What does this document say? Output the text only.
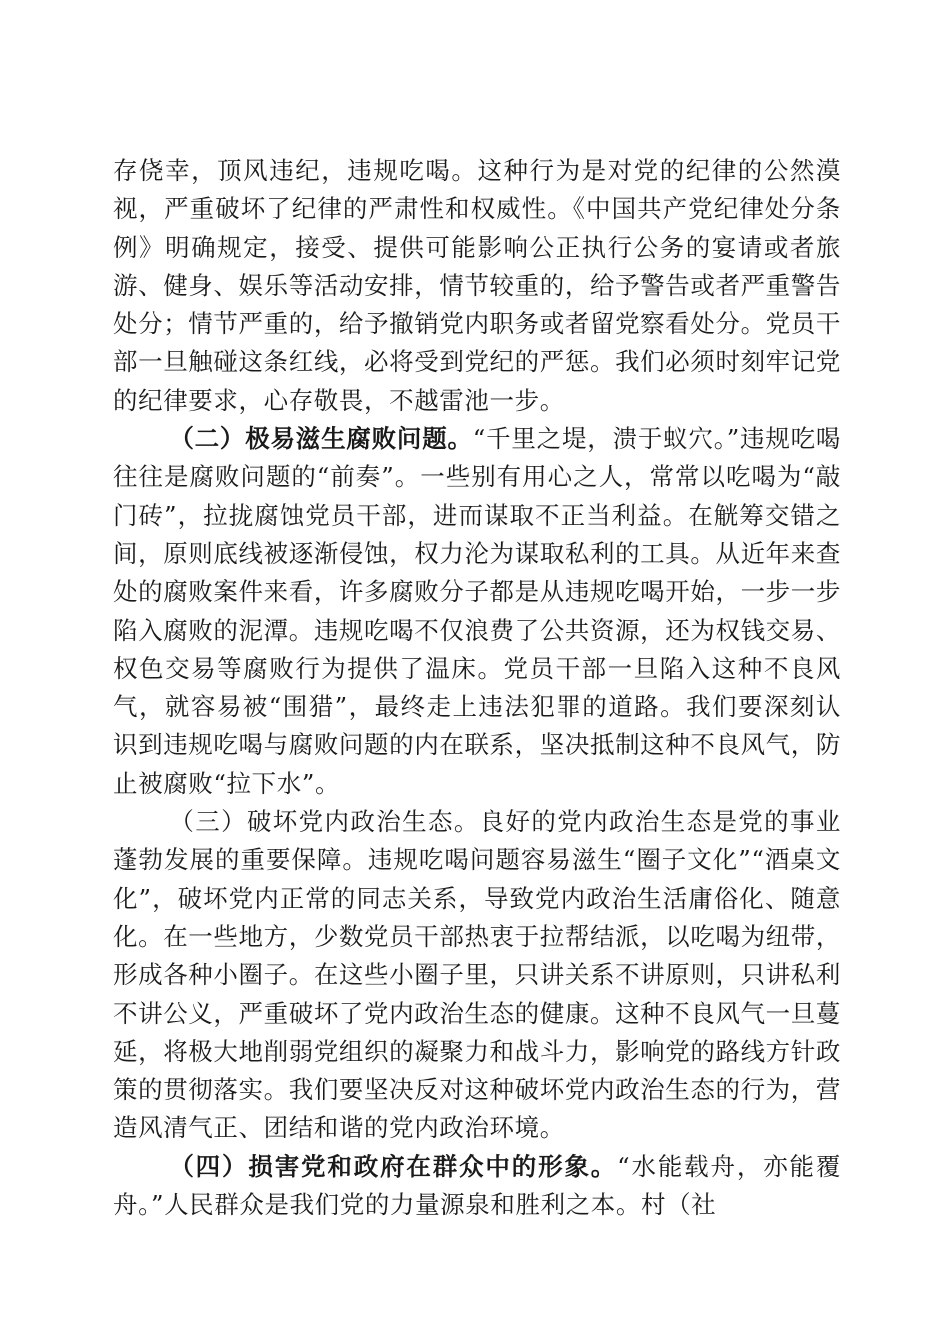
存侥幸，顶风违纪，违规吃喝。这种行为是对党的纪律的公然漠视，严重破坏了纪律的严肃性和权威性。《中国共产党纪律处分条例》明确规定，接受、提供可能影响公正执行公务的宴请或者旅游、健身、娱乐等活动安排，情节较重的，给予警告或者严重警告处分；情节严重的，给予撤销党内职务或者留党察看处分。党员干部一旦触碰这条红线，必将受到党纪的严惩。我们必须时刻牢记党的纪律要求，心存敬畏，不越雷池一步。

（二）极易滋生腐败问题。“千里之堤，溃于蚁穴。”违规吃喝往往是腐败问题的“前奏”。一些别有用心之人，常常以吃喝为“敲门砖”，拉拢腐蚀党员干部，进而谋取不正当利益。在觥筹交错之间，原则底线被逐渐侵蚀，权力沦为谋取私利的工具。从近年来查处的腐败案件来看，许多腐败分子都是从违规吃喝开始，一步一步陷入腐败的泥潭。违规吃喝不仅浪费了公共资源，还为权钱交易、权色交易等腐败行为提供了温床。党员干部一旦陷入这种不良风气，就容易被“围猎”，最终走上违法犯罪的道路。我们要深刻认识到违规吃喝与腐败问题的内在联系，坚决抵制这种不良风气，防止被腐败“拉下水”。

（三）破坏党内政治生态。良好的党内政治生态是党的事业蓬勃发展的重要保障。违规吃喝问题容易滋生“圈子文化”“酒桌文化”，破坏党内正常的同志关系，导致党内政治生活庸俗化、随意化。在一些地方，少数党员干部热衷于拉帮结派，以吃喝为纽带，形成各种小圈子。在这些小圈子里，只讲关系不讲原则，只讲私利不讲公义，严重破坏了党内政治生态的健康。这种不良风气一旦蔓延，将极大地削弱党组织的凝聚力和战斗力，影响党的路线方针政策的贯彻落实。我们要坚决反对这种破坏党内政治生态的行为，营造风清气正、团结和谐的党内政治环境。

（四）损害党和政府在群众中的形象。“水能载舟，亦能覆舟。”人民群众是我们党的力量源泉和胜利之本。村（社
